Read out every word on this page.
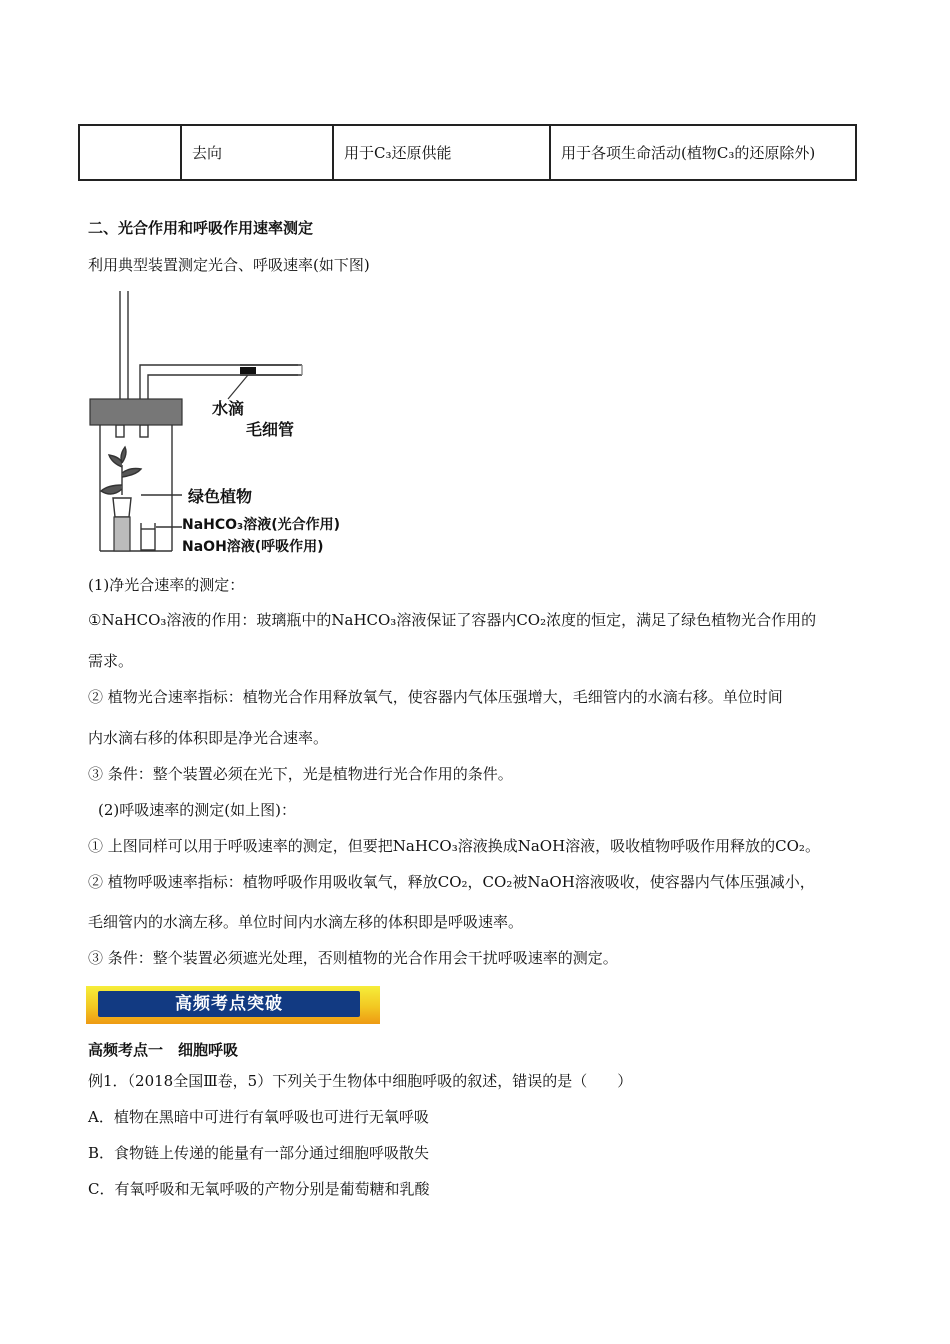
	去向	用于C₃还原供能	用于各项生命活动(植物C₃的还原除外)
二、光合作用和呼吸作用速率测定
利用典型装置测定光合、呼吸速率(如下图)
水滴
毛细管
绿色植物
NaHCO₃溶液(光合作用)
NaOH溶液(呼吸作用)
(1)净光合速率的测定：
①NaHCO₃溶液的作用：玻璃瓶中的NaHCO₃溶液保证了容器内CO₂浓度的恒定，满足了绿色植物光合作用的
需求。
② 植物光合速率指标：植物光合作用释放氧气，使容器内气体压强增大，毛细管内的水滴右移。单位时间
内水滴右移的体积即是净光合速率。
③ 条件：整个装置必须在光下，光是植物进行光合作用的条件。
(2)呼吸速率的测定(如上图)：
① 上图同样可以用于呼吸速率的测定，但要把NaHCO₃溶液换成NaOH溶液，吸收植物呼吸作用释放的CO₂。
② 植物呼吸速率指标：植物呼吸作用吸收氧气，释放CO₂，CO₂被NaOH溶液吸收，使容器内气体压强减小，
毛细管内的水滴左移。单位时间内水滴左移的体积即是呼吸速率。
③ 条件：整个装置必须遮光处理，否则植物的光合作用会干扰呼吸速率的测定。
高频考点突破
高频考点一　细胞呼吸
例1．（2018全国Ⅲ卷，5）下列关于生物体中细胞呼吸的叙述，错误的是（　　）
A．植物在黑暗中可进行有氧呼吸也可进行无氧呼吸
B．食物链上传递的能量有一部分通过细胞呼吸散失
C．有氧呼吸和无氧呼吸的产物分别是葡萄糖和乳酸
